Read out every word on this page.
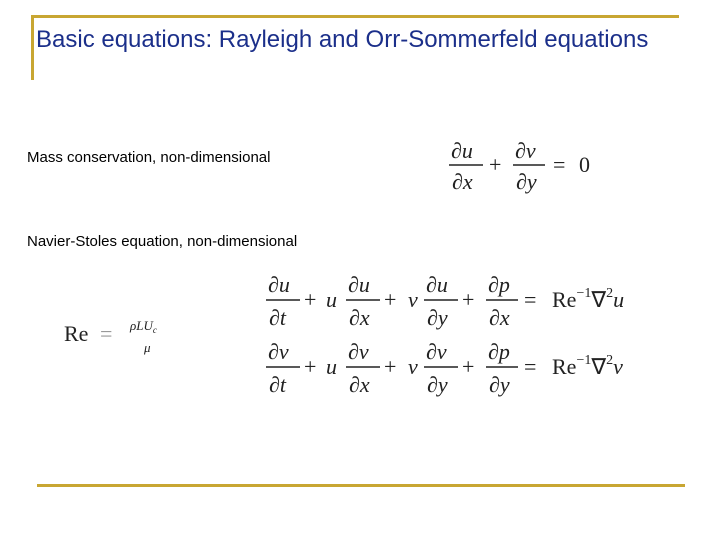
Basic equations: Rayleigh and Orr-Sommerfeld equations
Mass conservation, non-dimensional
Navier-Stoles equation, non-dimensional
∂u
∂x
+
∂v
∂y
= 0
Re = ρLU$_c$
μ
∂u
∂t
+ u
∂u
∂x
+ v
∂u
∂y
+
∂p
∂x
= $Re^{-1}\nabla^2u$
∂v
∂t
+ u
∂v
∂x
+ v
∂v
∂y
+
∂p
∂y
= $Re^{-1}\nabla^2v$
